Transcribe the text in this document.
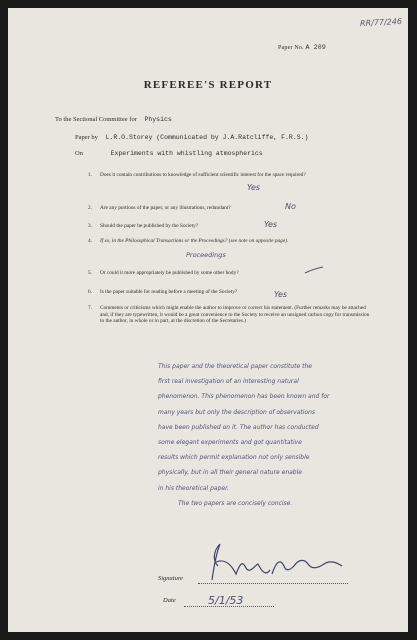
RR/77/246
Paper No. A 209
REFEREE'S REPORT
To the Sectional Committee for Physics
Paper by L.R.O.Storey (Communicated by J.A.Ratcliffe, F.R.S.)
On	Experiments with whistling atmospherics
1. Does it contain contributions to knowledge of sufficient scientific interest for the space required?
Yes
2. Are any portions of the paper, or any illustrations, redundant?	No
3. Should the paper be published by the Society?	Yes
4. If so, in the Philosophical Transactions or the Proceedings? (see note on opposite page).
Proceedings
5. Or could it more appropriately be published by some other body?
6. Is the paper suitable for reading before a meeting of the Society?	Yes
7. Comments or criticisms which might enable the author to improve or correct his statement. (Further remarks may be attached and, if they are typewritten, it would be a great convenience to the Society to receive an unsigned carbon copy for transmission to the author, in whole or in part, at the discretion of the Secretaries.)
This paper and the theoretical paper constitute the
first real investigation of an interesting natural
phenomenon. This phenomenon has been known and for
many years but only the description of observations
have been published on it. The author has conducted
some elegant experiments and got quantitative
results which permit explanation not only sensible
physically, but in all their general nature enable
in his theoretical paper.
The two papers are concisely concise.
Signature
Date	5/1/53
